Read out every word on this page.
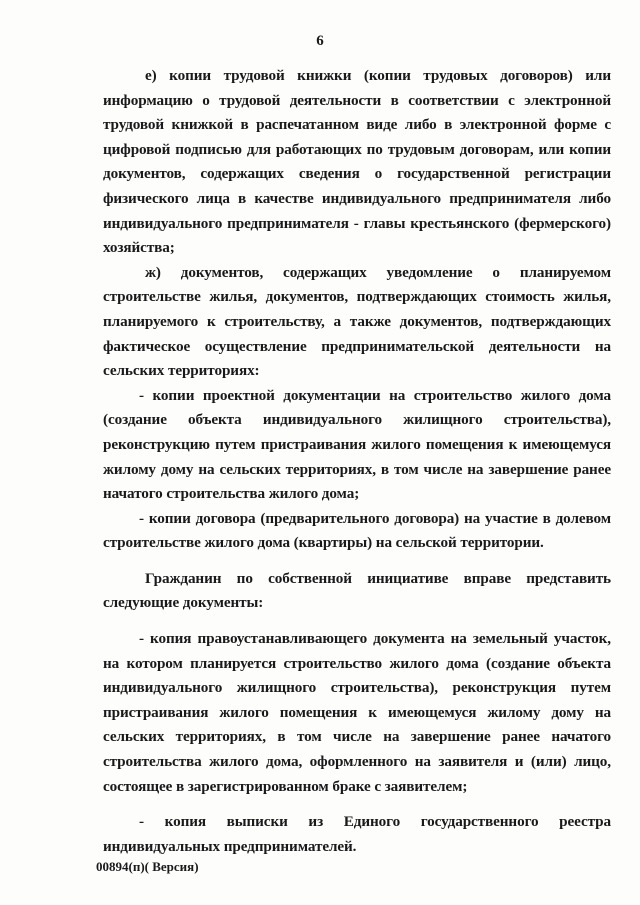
6

е) копии трудовой книжки (копии трудовых договоров) или информацию о трудовой деятельности в соответствии с электронной трудовой книжкой в распечатанном виде либо в электронной форме с цифровой подписью для работающих по трудовым договорам, или копии документов, содержащих сведения о государственной регистрации физического лица в качестве индивидуального предпринимателя либо индивидуального предпринимателя - главы крестьянского (фермерского) хозяйства;

ж) документов, содержащих уведомление о планируемом строительстве жилья, документов, подтверждающих стоимость жилья, планируемого к строительству, а также документов, подтверждающих фактическое осуществление предпринимательской деятельности на сельских территориях:

- копии проектной документации на строительство жилого дома (создание объекта индивидуального жилищного строительства), реконструкцию путем пристраивания жилого помещения к имеющемуся жилому дому на сельских территориях, в том числе на завершение ранее начатого строительства жилого дома;

- копии договора (предварительного договора) на участие в долевом строительстве жилого дома (квартиры) на сельской территории.

Гражданин по собственной инициативе вправе представить следующие документы:

- копия правоустанавливающего документа на земельный участок, на котором планируется строительство жилого дома (создание объекта индивидуального жилищного строительства), реконструкция путем пристраивания жилого помещения к имеющемуся жилому дому на сельских территориях, в том числе на завершение ранее начатого строительства жилого дома, оформленного на заявителя и (или) лицо, состоящее в зарегистрированном браке с заявителем;

- копия выписки из Единого государственного реестра индивидуальных предпринимателей.

00894(п)( Версия)
